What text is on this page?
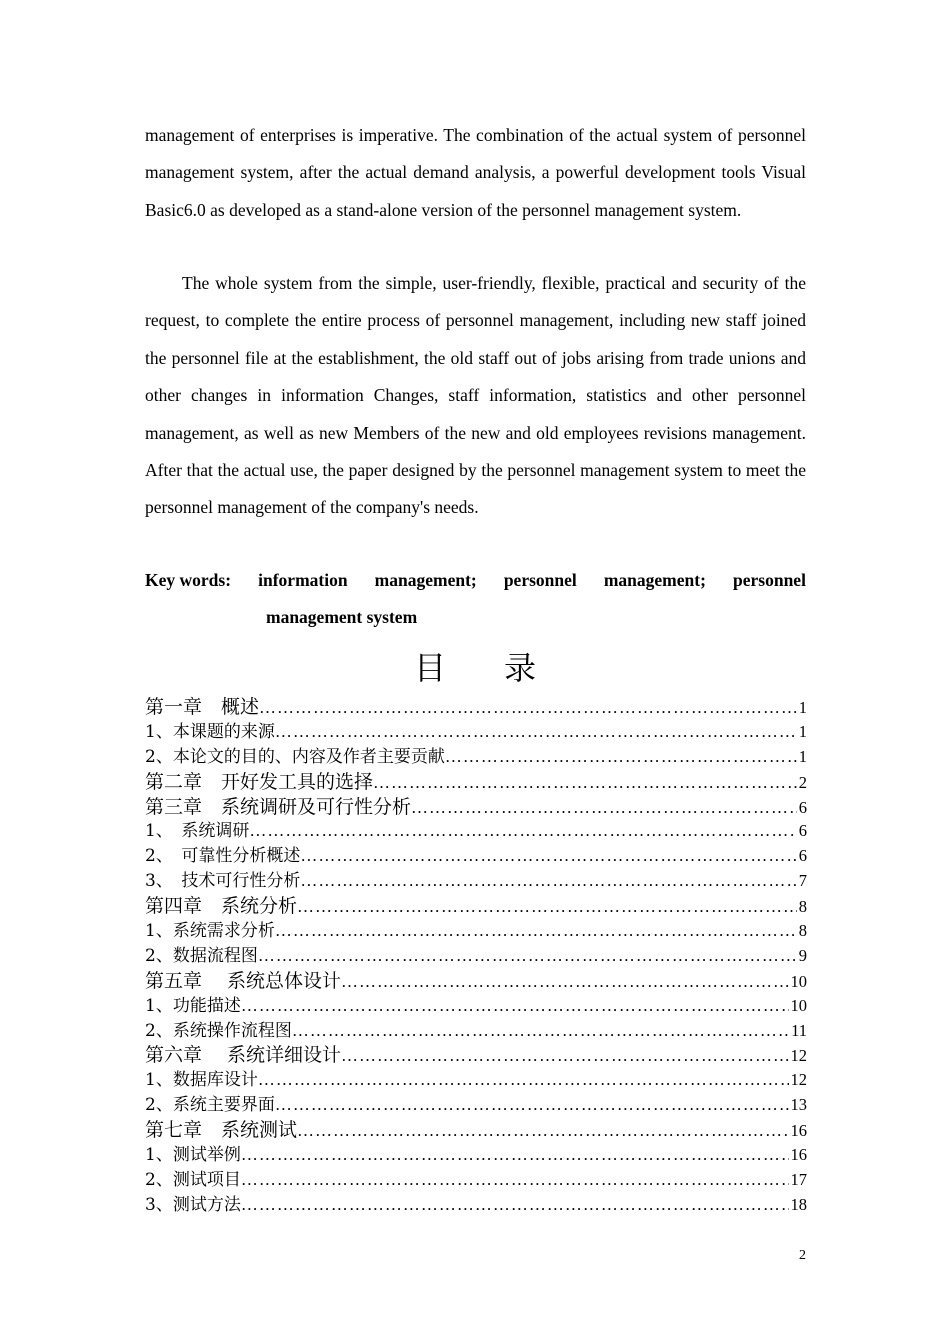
management of enterprises is imperative. The combination of the actual system of personnel management system, after the actual demand analysis, a powerful development tools Visual Basic6.0 as developed as a stand-alone version of the personnel management system.

The whole system from the simple, user-friendly, flexible, practical and security of the request, to complete the entire process of personnel management, including new staff joined the personnel file at the establishment, the old staff out of jobs arising from trade unions and other changes in information Changes, staff information, statistics and other personnel management, as well as new Members of the new and old employees revisions management. After that the actual use, the paper designed by the personnel management system to meet the personnel management of the company's needs.

Key words: information management; personnel management; personnel
management system
目录
第一章　概述 ……………………………………………………………………………………………………………………………………………………………………………………………	1
1、本课题的来源 ……………………………………………………………………………………………………………………………………………………………………………………………	1
2、本论文的目的、内容及作者主要贡献 ……………………………………………………………………………………………………………………………………………………………………………………………	1
第二章　开好发工具的选择 ……………………………………………………………………………………………………………………………………………………………………………………………	2
第三章　系统调研及可行性分析 ……………………………………………………………………………………………………………………………………………………………………………………………	6
1、　系统调研 ……………………………………………………………………………………………………………………………………………………………………………………………	6
2、　可靠性分析概述 ……………………………………………………………………………………………………………………………………………………………………………………………	6
3、　技术可行性分析 ……………………………………………………………………………………………………………………………………………………………………………………………	7
第四章　系统分析 ……………………………………………………………………………………………………………………………………………………………………………………………	8
1、系统需求分析 ……………………………………………………………………………………………………………………………………………………………………………………………	8
2、数据流程图 ……………………………………………………………………………………………………………………………………………………………………………………………	9
第五章　 系统总体设计 ……………………………………………………………………………………………………………………………………………………………………………………………	10
1、功能描述 ……………………………………………………………………………………………………………………………………………………………………………………………	10
2、系统操作流程图 ……………………………………………………………………………………………………………………………………………………………………………………………	11
第六章　 系统详细设计 ……………………………………………………………………………………………………………………………………………………………………………………………	12
1、数据库设计 ……………………………………………………………………………………………………………………………………………………………………………………………	12
2、系统主要界面 ……………………………………………………………………………………………………………………………………………………………………………………………	13
第七章　系统测试 ……………………………………………………………………………………………………………………………………………………………………………………………	16
1、测试举例 ……………………………………………………………………………………………………………………………………………………………………………………………	16
2、测试项目 ……………………………………………………………………………………………………………………………………………………………………………………………	17
3、测试方法 ……………………………………………………………………………………………………………………………………………………………………………………………	18
2
